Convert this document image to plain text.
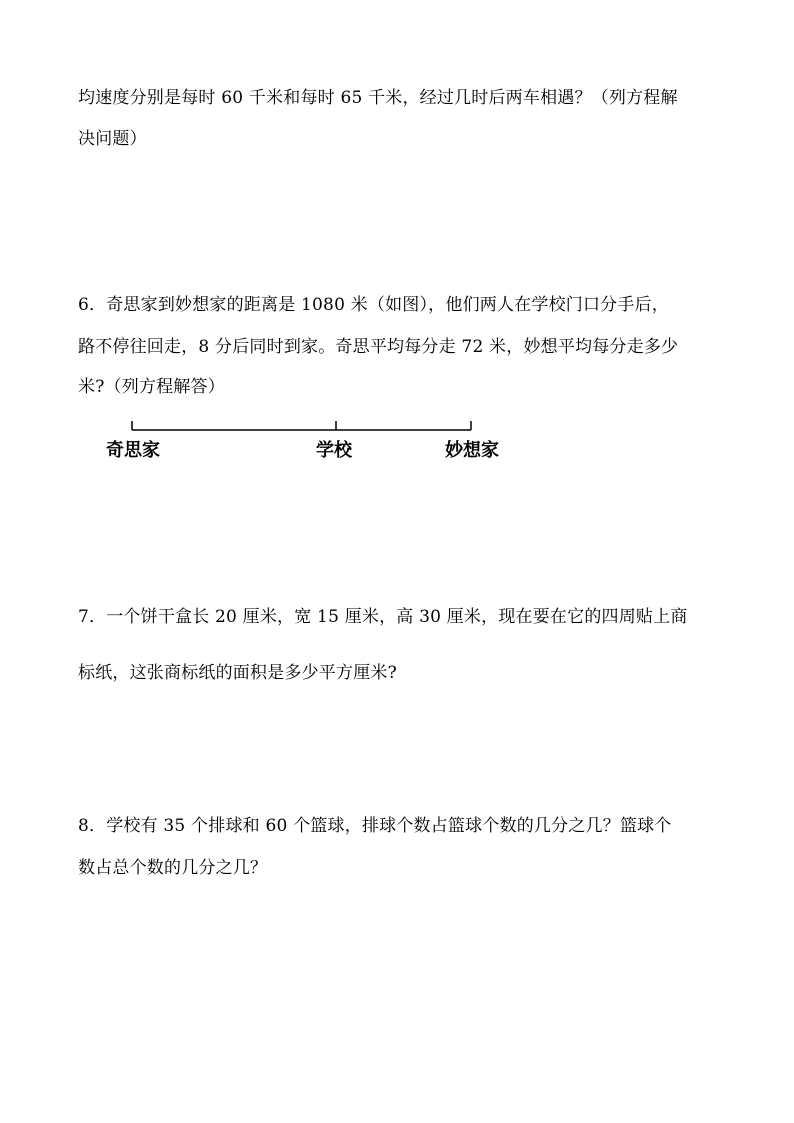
均速度分别是每时 60 千米和每时 65 千米，经过几时后两车相遇？（列方程解
决问题）
6．奇思家到妙想家的距离是 1080 米（如图），他们两人在学校门口分手后，
路不停往回走，8 分后同时到家。奇思平均每分走 72 米，妙想平均每分走多少
米?（列方程解答）
奇思家	学校	妙想家
7．一个饼干盒长 20 厘米，宽 15 厘米，高 30 厘米，现在要在它的四周贴上商
标纸，这张商标纸的面积是多少平方厘米?
8．学校有 35 个排球和 60 个篮球，排球个数占篮球个数的几分之几？篮球个
数占总个数的几分之几？
